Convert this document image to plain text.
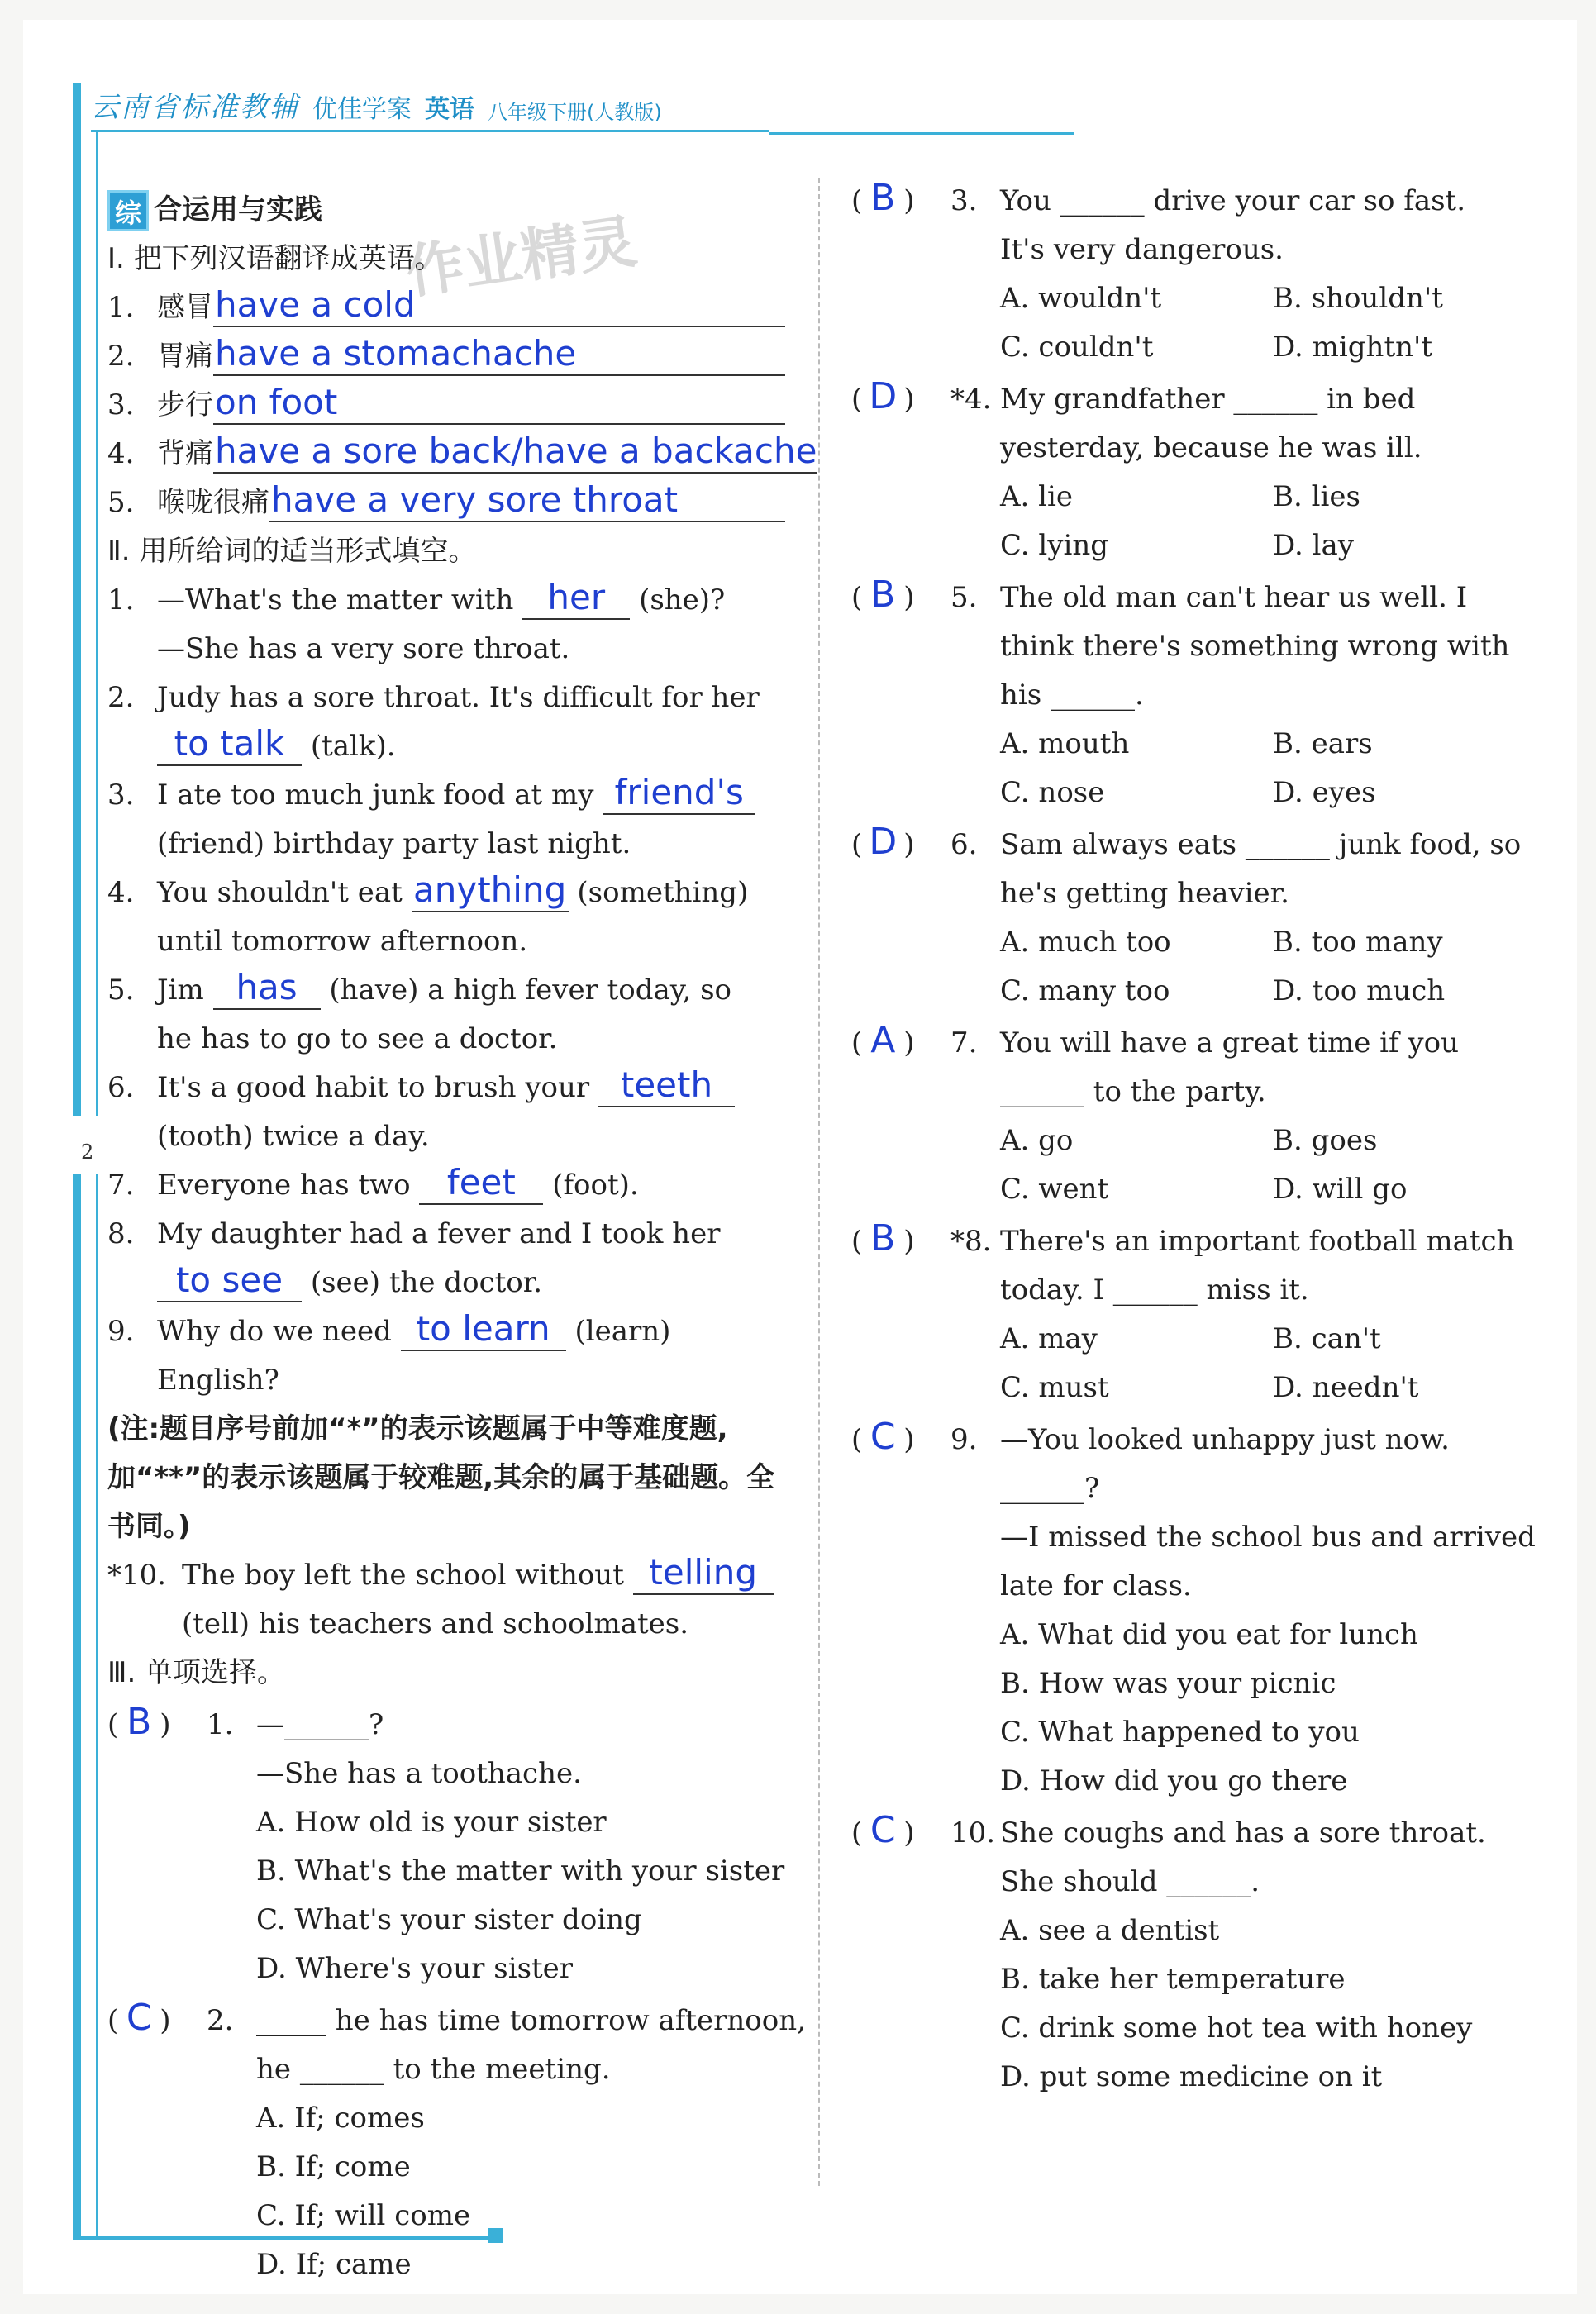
云南省标准教辅 优佳学案 英语 八年级下册(人教版)
2
作业精灵
综 合运用与实践
Ⅰ. 把下列汉语翻译成英语。
1. 感冒 have a cold
2. 胃痛 have a stomachache
3. 步行 on foot
4. 背痛 have a sore back/have a backache
5. 喉咙很痛 have a very sore throat
Ⅱ. 用所给词的适当形式填空。
1. —What's the matter with
her
	(she)?
—She has a very sore throat.
2. Judy has a sore throat. It's difficult for her
to talk
(talk).
3. I ate too much junk food at my
friend's
(friend) birthday party last night.
4. You shouldn't eat
anything
(something)
until tomorrow afternoon.
5. Jim
has
	(have) a high fever today, so
he has to go to see a doctor.
6. It's a good habit to brush your
teeth
(tooth) twice a day.
7. Everyone has two
	feet
	(foot).
8. My daughter had a fever and I took her
to see
(see) the doctor.
9. Why do we need
to learn
(learn)
English?
(注:题目序号前加“*”的表示该题属于中等难度题,加“**”的表示该题属于较难题,其余的属于基础题。全书同。)
*10. The boy left the school without
telling
(tell) his teachers and schoolmates.
Ⅲ. 单项选择。
( B )	1. —______?
—She has a toothache.
A. How old is your sister
B. What's the matter with your sister
C. What's your sister doing
D. Where's your sister
( C )	2. _____ he has time tomorrow afternoon,
he ______ to the meeting.
A. If; comes
B. If; come
C. If; will come
D. If; came
( B )	3. You ______ drive your car so fast.
It's very dangerous.
A. wouldn't	B. shouldn't
C. couldn't	D. mightn't
( D )	*4. My grandfather ______ in bed
yesterday, because he was ill.
A. lie	B. lies
C. lying	D. lay
( B )	5. The old man can't hear us well. I
think there's something wrong with
his ______.
A. mouth	B. ears
C. nose	D. eyes
( D )	6. Sam always eats ______ junk food, so
he's getting heavier.
A. much too	B. too many
C. many too	D. too much
( A )	7. You will have a great time if you
______ to the party.
A. go	B. goes
C. went	D. will go
( B )	*8. There's an important football match
today. I ______ miss it.
A. may	B. can't
C. must	D. needn't
( C )	9. —You looked unhappy just now.
______?
—I missed the school bus and arrived
late for class.
A. What did you eat for lunch
B. How was your picnic
C. What happened to you
D. How did you go there
( C )	10. She coughs and has a sore throat.
She should ______.
A. see a dentist
B. take her temperature
C. drink some hot tea with honey
D. put some medicine on it
